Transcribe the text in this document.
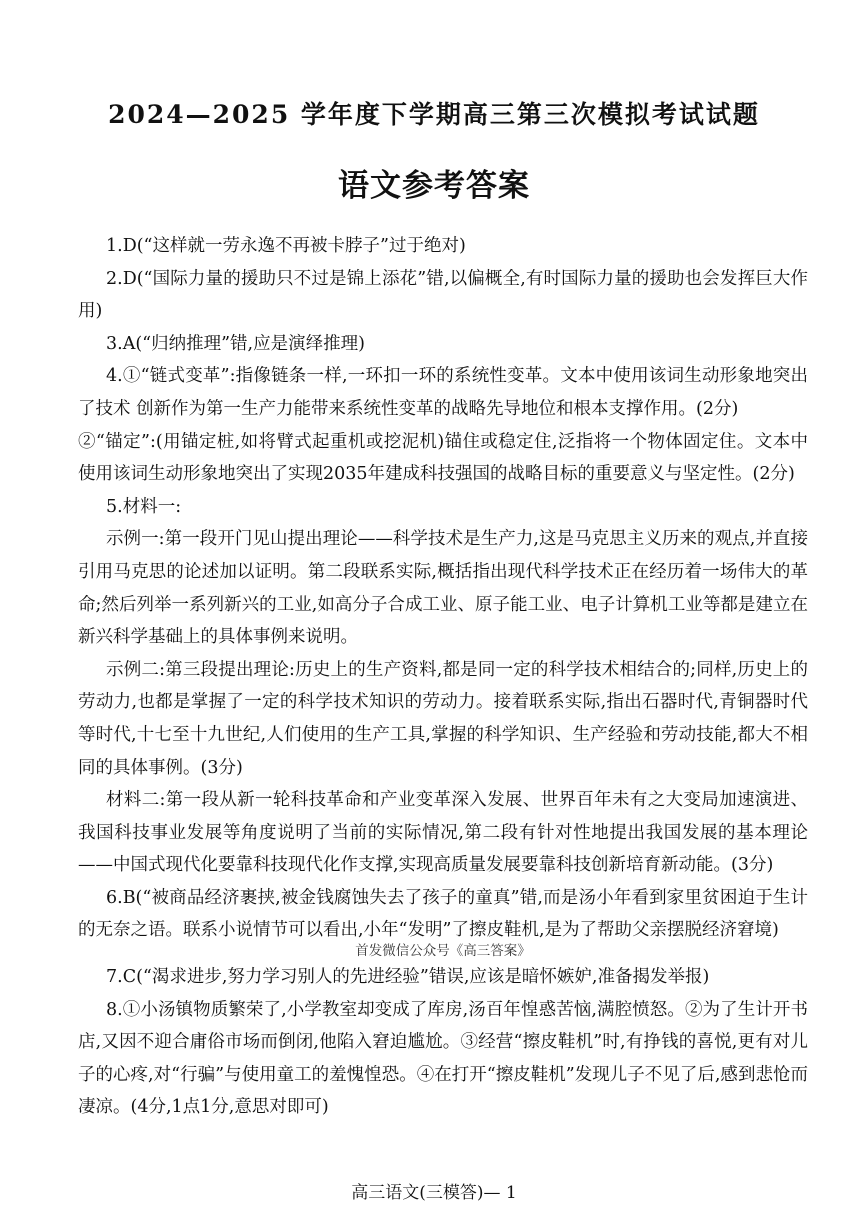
2024—2025 学年度下学期高三第三次模拟考试试题
语文参考答案

1.D(“这样就一劳永逸不再被卡脖子”过于绝对)

2.D(“国际力量的援助只不过是锦上添花”错,以偏概全,有时国际力量的援助也会发挥巨大作用)

3.A(“归纳推理”错,应是演绎推理)

4.①“链式变革”:指像链条一样,一环扣一环的系统性变革。文本中使用该词生动形象地突出了技术 创新作为第一生产力能带来系统性变革的战略先导地位和根本支撑作用。(2分)

②“锚定”:(用锚定桩,如将臂式起重机或挖泥机)锚住或稳定住,泛指将一个物体固定住。文本中使用该词生动形象地突出了实现2035年建成科技强国的战略目标的重要意义与坚定性。(2分)

5.材料一:

示例一:第一段开门见山提出理论——科学技术是生产力,这是马克思主义历来的观点,并直接引用马克思的论述加以证明。第二段联系实际,概括指出现代科学技术正在经历着一场伟大的革命;然后列举一系列新兴的工业,如高分子合成工业、原子能工业、电子计算机工业等都是建立在新兴科学基础上的具体事例来说明。

示例二:第三段提出理论:历史上的生产资料,都是同一定的科学技术相结合的;同样,历史上的劳动力,也都是掌握了一定的科学技术知识的劳动力。接着联系实际,指出石器时代,青铜器时代等时代,十七至十九世纪,人们使用的生产工具,掌握的科学知识、生产经验和劳动技能,都大不相同的具体事例。(3分)

材料二:第一段从新一轮科技革命和产业变革深入发展、世界百年未有之大变局加速演进、我国科技事业发展等角度说明了当前的实际情况,第二段有针对性地提出我国发展的基本理论——中国式现代化要靠科技现代化作支撑,实现高质量发展要靠科技创新培育新动能。(3分)

6.B(“被商品经济裹挟,被金钱腐蚀失去了孩子的童真”错,而是汤小年看到家里贫困迫于生计的无奈之语。联系小说情节可以看出,小年“发明”了擦皮鞋机,是为了帮助父亲摆脱经济窘境)

首发微信公众号《高三答案》

7.C(“渴求进步,努力学习别人的先进经验”错误,应该是暗怀嫉妒,准备揭发举报)

8.①小汤镇物质繁荣了,小学教室却变成了库房,汤百年惶惑苦恼,满腔愤怒。②为了生计开书店,又因不迎合庸俗市场而倒闭,他陷入窘迫尴尬。③经营“擦皮鞋机”时,有挣钱的喜悦,更有对儿子的心疼,对“行骗”与使用童工的羞愧惶恐。④在打开“擦皮鞋机”发现儿子不见了后,感到悲怆而凄凉。(4分,1点1分,意思对即可)

高三语文(三模答)— 1
